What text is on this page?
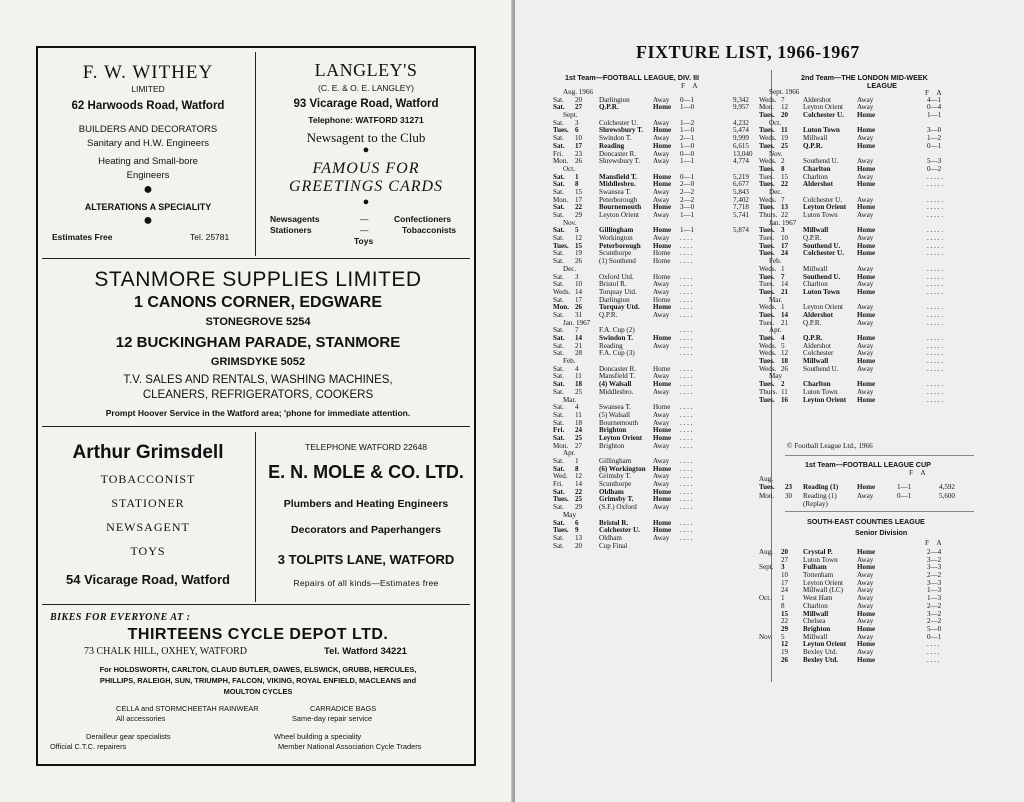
F. W. WITHEY
LIMITED
62 Harwoods Road, Watford
BUILDERS AND DECORATORS
Sanitary and H.W. Engineers
Heating and Small-bore
Engineers
●
ALTERATIONS A SPECIALITY
●
Estimates Free	Tel. 25781
LANGLEY'S
(C. E. & O. E. LANGLEY)
93 Vicarage Road, Watford
Telephone: WATFORD 31271
Newsagent to the Club
●
FAMOUS FOR
GREETINGS CARDS
●
Newsagents
Stationers
—
—
Confectioners
Tobacconists
Toys
STANMORE SUPPLIES LIMITED
1 CANONS CORNER, EDGWARE
STONEGROVE 5254
12 BUCKINGHAM PARADE, STANMORE
GRIMSDYKE 5052
T.V. SALES AND RENTALS, WASHING MACHINES,
CLEANERS, REFRIGERATORS, COOKERS
Prompt Hoover Service in the Watford area; 'phone for immediate attention.
Arthur Grimsdell
TOBACCONIST
STATIONER
NEWSAGENT
TOYS
54 Vicarage Road, Watford
TELEPHONE WATFORD 22648
E. N. MOLE & CO. LTD.
Plumbers and Heating Engineers
Decorators and Paperhangers
3 TOLPITS LANE, WATFORD
Repairs of all kinds—Estimates free
BIKES FOR EVERYONE AT :
THIRTEENS CYCLE DEPOT LTD.
73 CHALK HILL, OXHEY, WATFORD	Tel. Watford 34221
For HOLDSWORTH, CARLTON, CLAUD BUTLER, DAWES, ELSWICK, GRUBB, HERCULES,
PHILLIPS, RALEIGH, SUN, TRIUMPH, FALCON, VIKING, ROYAL ENFIELD, MACLEANS and
MOULTON CYCLES
CELLA and STORMCHEETAH RAINWEAR
All accessories
CARRADICE BAGS
Same-day repair service
Derailleur gear specialists
Official C.T.C. repairers
Wheel building a speciality
Member National Association Cycle Traders
FIXTURE LIST, 1966-1967
1st Team—FOOTBALL LEAGUE, DIV. III
F A
Aug. 1966
Sat. 20 Darlington	Away 0—1	9,342
Sat. 27 Q.P.R.	Home 1—0	9,957
Sept.
Sat. 3	Colchester U. Away 1—2	4,232
Tues. 6	Shrewsbury T. Home 1—0	5,474
Sat. 10 Swindon T.	Away 2—1	9,999
Sat. 17 Reading	Home 1—0	6,615
Fri. 23 Doncaster R. Away 0—0	13,040
Mon. 26 Shrewsbury T. Away 1—1	4,774
Oct.
Sat. 1	Mansfield T. Home 0—1	5,219
Sat. 8	Middlesbro. Home 2—0	6,677
Sat. 15 Swansea T.	Away 2—2	5,843
Mon. 17 Peterborough Away 2—2	7,402
Sat. 22 Bournemouth Home 3—0	7,718
Sat. 29 Leyton Orient Away 1—1	5,741
Nov.
Sat. 5	Gillingham	Home 1—1	5,874
Sat. 12 Workington	Away . . . .
Tues. 15 Peterborough Home . . . .
Sat. 19 Scunthorpe	Home . . . .
Sat. 26 (1) Southend Home . . . .
Dec.
Sat. 3	Oxford Utd.	Home . . . .
Sat. 10 Bristol R.	Away . . . .
Weds. 14 Torquay Utd. Away . . . .
Sat. 17 Darlington	Home . . . .
Mon. 26 Torquay Utd. Home . . . .
Sat. 31 Q.P.R.	Away . . . .
Jan. 1967
Sat. 7	F.A. Cup (2)	. . . .
Sat. 14 Swindon T.	Home . . . .
Sat. 21 Reading	Away . . . .
Sat. 28 F.A. Cup (3)	. . . .
Feb.
Sat. 4	Doncaster R. Home . . . .
Sat. 11 Mansfield T.	Away . . . .
Sat. 18 (4) Walsall	Home . . . .
Sat. 25 Middlesbro.	Away . . . .
Mar.
Sat. 4	Swansea T.	Home . . . .
Sat. 11 (5) Walsall	Away . . . .
Sat. 18 Bournemouth Away . . . .
Fri. 24 Brighton	Home . . . .
Sat. 25 Leyton Orient Home . . . .
Mon. 27 Brighton	Away . . . .
Apr.
Sat. 1	Gillingham	Away . . . .
Sat. 8	(6) Workington Home . . . .
Wed. 12 Grimsby T.	Away . . . .
Fri. 14 Scunthorpe	Away . . . .
Sat. 22 Oldham	Home . . . .
Tues. 25 Grimsby T.	Home . . . .
Sat. 29 (S.F.) Oxford Away . . . .
May
Sat. 6	Bristol R.	Home . . . .
Tues. 9	Colchester U. Home . . . .
Sat. 13 Oldham	Away . . . .
Sat. 20 Cup Final
2nd Team—THE LONDON MID-WEEK
LEAGUE
F A
Sept. 1966
Weds. 7	Aldershot	Away	4—1
Mon. 12 Leyton Orient Away	0—4
Tues. 20 Colchester U. Home	1—1
Oct.
Tues. 11 Luton Town Home	3—0
Weds. 19 Millwall	Away	1—2
Tues. 25 Q.P.R.	Home	0—1
Nov.
Weds. 2	Southend U.	Away	5—3
Tues. 8	Charlton	Home	0—2
Tues. 15 Charlton	Away	. . . . .
Tues. 22 Aldershot	Home	. . . . .
Dec.
Weds. 7	Colchester U. Away	. . . . .
Tues. 13 Leyton Orient Home	. . . . .
Thurs. 22 Luton Town	Away	. . . . .
Jan. 1967
Tues. 3	Millwall	Home	. . . . .
Tues. 10 Q.P.R.	Away	. . . . .
Tues. 17 Southend U. Home	. . . . .
Tues. 24 Colchester U. Home	. . . . .
Feb.
Weds. 1	Millwall	Away	. . . . .
Tues. 7	Southend U. Home	. . . . .
Tues. 14 Charlton	Away	. . . . .
Tues. 21 Luton Town Home	. . . . .
Mar.
Weds. 1	Leyton Orient Away	. . . . .
Tues. 14 Aldershot	Home	. . . . .
Tues. 21 Q.P.R.	Away	. . . . .
Apr.
Tues. 4	Q.P.R.	Home	. . . . .
Weds. 5	Aldershot	Away	. . . . .
Weds. 12 Colchester	Away	. . . . .
Tues. 18 Millwall	Home	. . . . .
Weds. 26 Southend U.	Away	. . . . .
May
Tues. 2	Charlton	Home	. . . . .
Thurs. 11 Luton Town	Away	. . . . .
Tues. 16 Leyton Orient Home	. . . . .
© Football League Ltd., 1966
1st Team—FOOTBALL LEAGUE CUP
F A
Aug.
Tues. 23 Reading (1)	Home	1—1	4,592
Mon. 30 Reading (1)	Away	0—1	5,600
(Replay)
SOUTH-EAST COUNTIES LEAGUE
Senior Division
F A
Aug. 20 Crystal P.	Home	2—4
27 Luton Town	Away	3—2
Sept. 3	Fulham	Home	3—3
10 Tottenham	Away	2—2
17 Leyton Orient Away	3—3
24 Millwall (LC) Away	1—3
Oct. 1	West Ham	Away	1—3
8	Charlton	Away	2—2
15 Millwall	Home	3—2
22 Chelsea	Away	2—2
29 Brighton	Home	5—0
Nov. 5	Millwall	Away	0—1
12 Leyton Orient Home	. . . .
19 Bexley Utd.	Away	. . . .
26 Bexley Utd.	Home	. . . .
